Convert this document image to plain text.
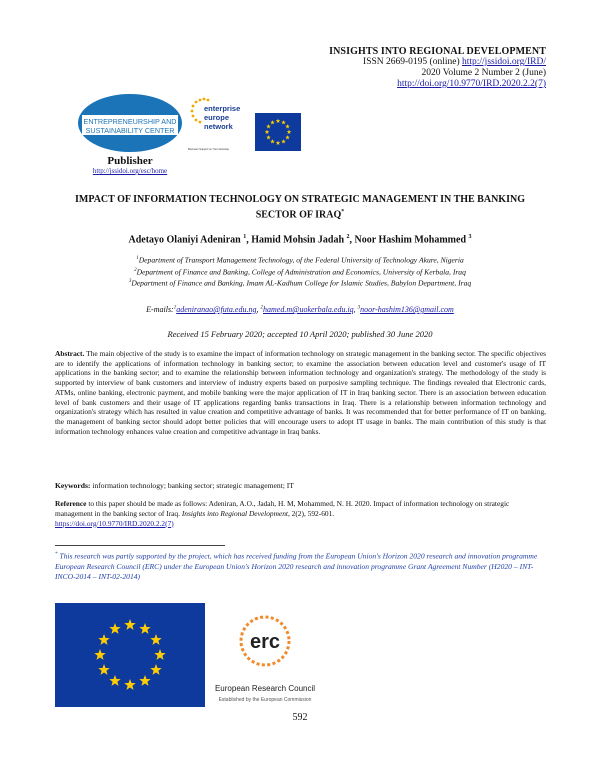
INSIGHTS INTO REGIONAL DEVELOPMENT
ISSN 2669-0195 (online) http://jssidoi.org/IRD/
2020 Volume 2 Number 2 (June)
http://doi.org/10.9770/IRD.2020.2.2(7)
ENTREPRENEURSHIP AND
SUSTAINABILITY CENTER
Publisher
http://jssidoi.org/esc/home
enterprise
europe
network
Business Support on Your Doorstep
IMPACT OF INFORMATION TECHNOLOGY ON STRATEGIC MANAGEMENT IN THE BANKING
SECTOR OF IRAQ*
Adetayo Olaniyi Adeniran $^1$, Hamid Mohsin Jadah $^2$, Noor Hashim Mohammed $^3$
$^1$Department of Transport Management Technology, of the Federal University of Technology Akure, Nigeria
$^2$Department of Finance and Banking, College of Administration and Economics, University of Kerbala, Iraq
$^3$Department of Finance and Banking, Imam AL-Kadhum College for Islamic Studies, Babylon Department, Iraq
E-mails:$^1$adeniranao@futa.edu.ng, $^2$hamed.m@uokerbala.edu.iq, $^3$noor-hashim136@gmail.com
Received 15 February 2020; accepted 10 April 2020; published 30 June 2020
Abstract. The main objective of the study is to examine the impact of information technology on strategic management in the banking sector. The specific objectives are to identify the applications of information technology in banking sector; to examine the association between education level and customer's usage of IT applications in the banking sector; and to examine the relationship between information technology and organization's strategy. The methodology of the study is supported by interview of bank customers and interview of industry experts based on purposive sampling technique. The findings revealed that Electronic cards, ATMs, online banking, electronic payment, and mobile banking were the major application of IT in Iraq banking sector. There is an association between education level of bank customers and their usage of IT applications regarding banks transactions in Iraq. There is a relationship between information technology and organization's strategy which has resulted in value creation and competitive advantage of banks. It was recommended that for better performance of IT on banking, the management of banking sector should adopt better policies that will encourage users to adopt IT usage in banks. The main contribution of this study is that information technology enhances value creation and competitive advantage in Iraq banks.
Keywords: information technology; banking sector; strategic management; IT
Reference to this paper should be made as follows: Adeniran, A.O., Jadah, H. M, Mohammed, N. H. 2020. Impact of information technology on strategic management in the banking sector of Iraq. Insights into Regional Development, 2(2), 592-601.
https://doi.org/10.9770/IRD.2020.2.2(7)
* This research was partly supported by the project, which has received funding from the European Union's Horizon 2020 research and innovation programme European Research Council (ERC) under the European Union's Horizon 2020 research and innovation programme Grant Agreement Number (H2020 – INT-INCO-2014 – INT-02-2014)
erc
European Research Council
Established by the European Commission
592
